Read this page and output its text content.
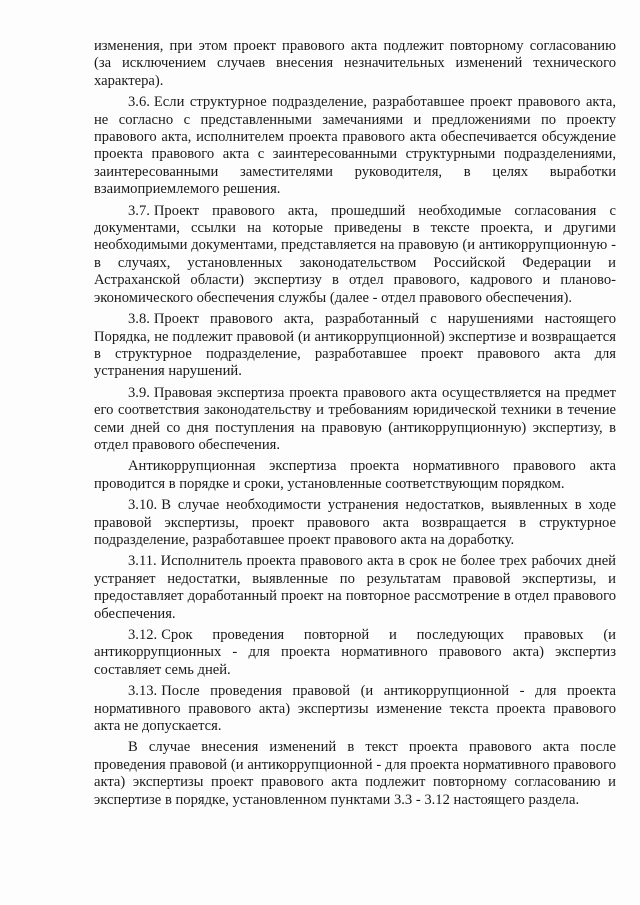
изменения, при этом проект правового акта подлежит повторному согласованию (за исключением случаев внесения незначительных изменений технического характера).

3.6. Если структурное подразделение, разработавшее проект правового акта, не согласно с представленными замечаниями и предложениями по проекту правового акта, исполнителем проекта правового акта обеспечивается обсуждение проекта правового акта с заинтересованными структурными подразделениями, заинтересованными заместителями руководителя, в целях выработки взаимоприемлемого решения.

3.7. Проект правового акта, прошедший необходимые согласования с документами, ссылки на которые приведены в тексте проекта, и другими необходимыми документами, представляется на правовую (и антикоррупционную - в случаях, установленных законодательством Российской Федерации и Астраханской области) экспертизу в отдел правового, кадрового и планово-экономического обеспечения службы (далее - отдел правового обеспечения).

3.8. Проект правового акта, разработанный с нарушениями настоящего Порядка, не подлежит правовой (и антикоррупционной) экспертизе и возвращается в структурное подразделение, разработавшее проект правового акта для устранения нарушений.

3.9. Правовая экспертиза проекта правового акта осуществляется на предмет его соответствия законодательству и требованиям юридической техники в течение семи дней со дня поступления на правовую (антикоррупционную) экспертизу, в отдел правового обеспечения.

Антикоррупционная экспертиза проекта нормативного правового акта проводится в порядке и сроки, установленные соответствующим порядком.

3.10. В случае необходимости устранения недостатков, выявленных в ходе правовой экспертизы, проект правового акта возвращается в структурное подразделение, разработавшее проект правового акта на доработку.

3.11. Исполнитель проекта правового акта в срок не более трех рабочих дней устраняет недостатки, выявленные по результатам правовой экспертизы, и предоставляет доработанный проект на повторное рассмотрение в отдел правового обеспечения.

3.12. Срок проведения повторной и последующих правовых (и антикоррупционных - для проекта нормативного правового акта) экспертиз составляет семь дней.

3.13. После проведения правовой (и антикоррупционной - для проекта нормативного правового акта) экспертизы изменение текста проекта правового акта не допускается.

В случае внесения изменений в текст проекта правового акта после проведения правовой (и антикоррупционной - для проекта нормативного правового акта) экспертизы проект правового акта подлежит повторному согласованию и экспертизе в порядке, установленном пунктами 3.3 - 3.12 настоящего раздела.
